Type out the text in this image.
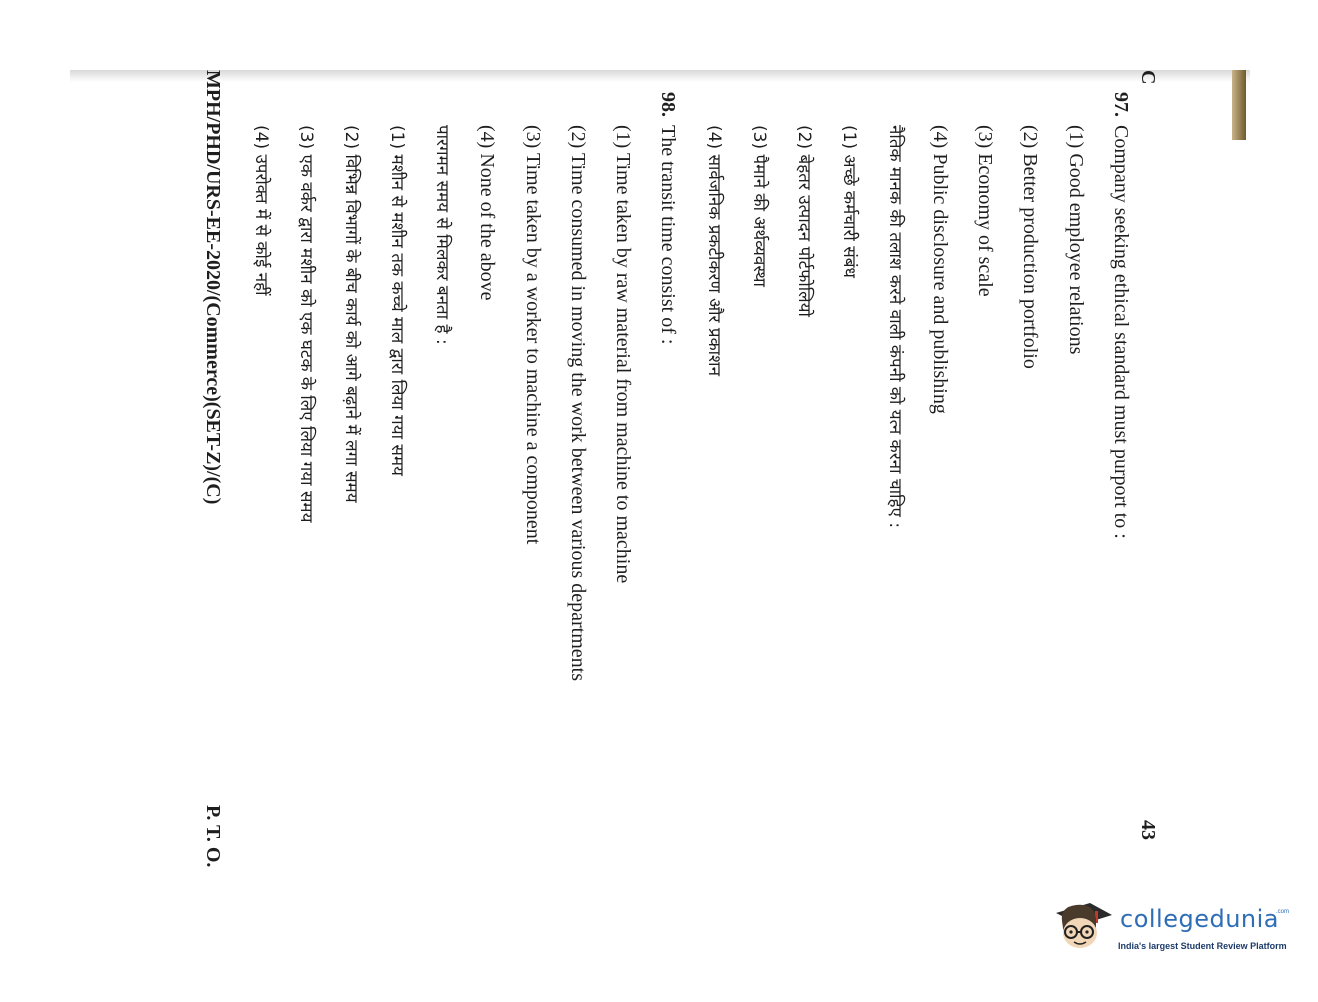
C
43
97.
Company seeking ethical standard must purport to :
(1) Good employee relations
(2) Better production portfolio
(3) Economy of scale
(4) Public disclosure and publishing
नैतिक मानक की तलाश करने वाली कंपनी को यत्न करना चाहिए :
(1) अच्छे कर्मचारी संबंध
(2) बेहतर उत्पादन पोर्टफोलियो
(3) पैमाने की अर्थव्यवस्था
(4) सार्वजनिक प्रकटीकरण और प्रकाशन
98.
The transit time consist of :
(1) Time taken by raw material from machine to machine
(2) Time consumed in moving the work between various departments
(3) Time taken by a worker to machine a component
(4) None of the above
पारगमन समय से मिलकर बनता है :
(1) मशीन से मशीन तक कच्चे माल द्वारा लिया गया समय
(2) विभिन्न विभागों के बीच कार्य को आगे बढ़ाने में लगा समय
(3) एक वर्कर द्वारा मशीन को एक घटक के लिए लिया गया समय
(4) उपरोक्त में से कोई नहीं
MPH/PHD/URS-EE-2020/(Commerce)(SET-Z)/(C)
P. T. O.
collegedunia
.com
India's largest Student Review Platform
